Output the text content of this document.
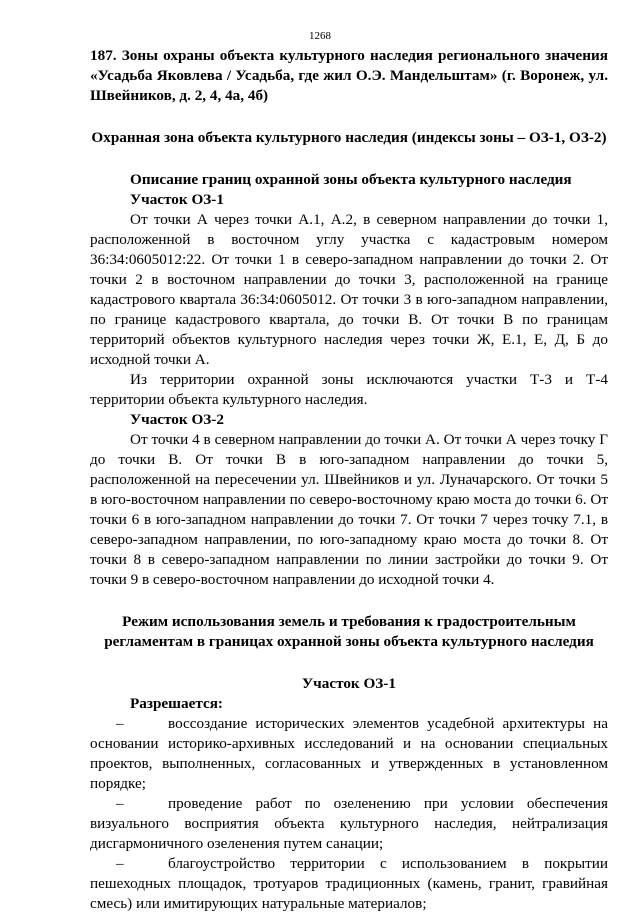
1268

187. Зоны охраны объекта культурного наследия регионального значения «Усадьба Яковлева / Усадьба, где жил О.Э. Мандельштам» (г. Воронеж, ул. Швейников, д. 2, 4, 4а, 4б)

Охранная зона объекта культурного наследия (индексы зоны – ОЗ-1, ОЗ-2)

Описание границ охранной зоны объекта культурного наследия

Участок ОЗ-1

От точки А через точки А.1, А.2, в северном направлении до точки 1, расположенной в восточном углу участка с кадастровым номером 36:34:0605012:22. От точки 1 в северо-западном направлении до точки 2. От точки 2 в восточном направлении до точки 3, расположенной на границе кадастрового квартала 36:34:0605012. От точки 3 в юго-западном направлении, по границе кадастрового квартала, до точки В. От точки В по границам территорий объектов культурного наследия через точки Ж, Е.1, Е, Д, Б до исходной точки А.

Из территории охранной зоны исключаются участки Т-3 и Т-4 территории объекта культурного наследия.

Участок ОЗ-2

От точки 4 в северном направлении до точки А. От точки А через точку Г до точки В. От точки В в юго-западном направлении до точки 5, расположенной на пересечении ул. Швейников и ул. Луначарского. От точки 5 в юго-восточном направлении по северо-восточному краю моста до точки 6. От точки 6 в юго-западном направлении до точки 7. От точки 7 через точку 7.1, в северо-западном направлении, по юго-западному краю моста до точки 8. От точки 8 в северо-западном направлении по линии застройки до точки 9. От точки 9 в северо-восточном направлении до исходной точки 4.

Режим использования земель и требования к градостроительным регламентам в границах охранной зоны объекта культурного наследия

Участок ОЗ-1

Разрешается:

–	воссоздание исторических элементов усадебной архитектуры на основании историко-архивных исследований и на основании специальных проектов, выполненных, согласованных и утвержденных в установленном порядке;

–	проведение работ по озеленению при условии обеспечения визуального восприятия объекта культурного наследия, нейтрализация дисгармоничного озеленения путем санации;

–	благоустройство территории с использованием в покрытии пешеходных площадок, тротуаров традиционных (камень, гранит, гравийная смесь) или имитирующих натуральные материалов;
